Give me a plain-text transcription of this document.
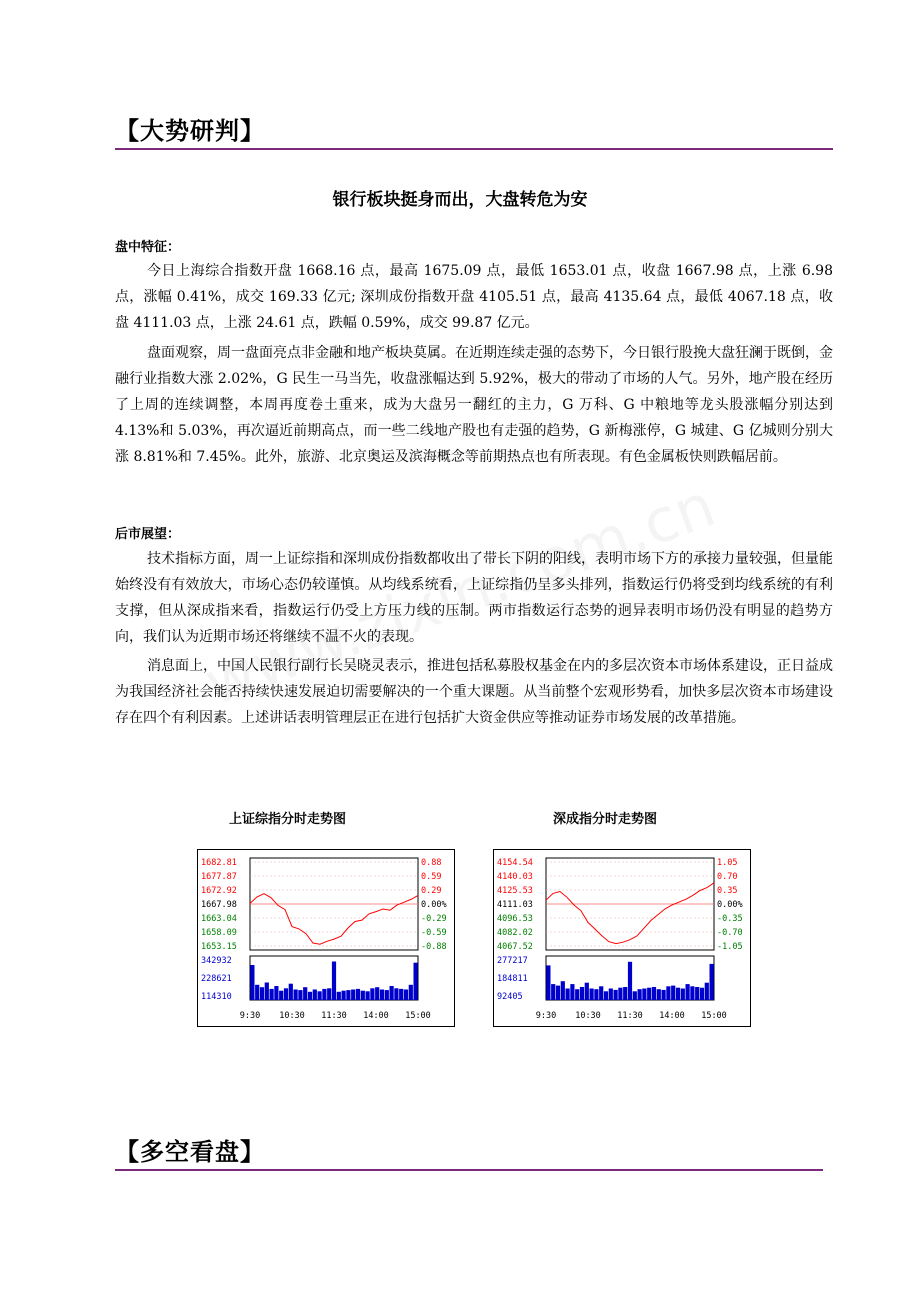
【大势研判】
银行板块挺身而出，大盘转危为安
盘中特征：

今日上海综合指数开盘 1668.16 点，最高 1675.09 点，最低 1653.01 点，收盘 1667.98 点，上涨 6.98 点，涨幅 0.41%，成交 169.33 亿元; 深圳成份指数开盘 4105.51 点，最高 4135.64 点，最低 4067.18 点，收盘 4111.03 点，上涨 24.61 点，跌幅 0.59%，成交 99.87 亿元。

盘面观察，周一盘面亮点非金融和地产板块莫属。在近期连续走强的态势下，今日银行股挽大盘狂澜于既倒，金融行业指数大涨 2.02%，G 民生一马当先，收盘涨幅达到 5.92%，极大的带动了市场的人气。另外，地产股在经历了上周的连续调整，本周再度卷土重来，成为大盘另一翻红的主力，G 万科、G 中粮地等龙头股涨幅分别达到 4.13%和 5.03%，再次逼近前期高点，而一些二线地产股也有走强的趋势，G 新梅涨停，G 城建、G 亿城则分别大涨 8.81%和 7.45%。此外，旅游、北京奥运及滨海概念等前期热点也有所表现。有色金属板快则跌幅居前。

后市展望：

技术指标方面，周一上证综指和深圳成份指数都收出了带长下阴的阳线，表明市场下方的承接力量较强，但量能始终没有有效放大，市场心态仍较谨慎。从均线系统看，上证综指仍呈多头排列，指数运行仍将受到均线系统的有利支撑，但从深成指来看，指数运行仍受上方压力线的压制。两市指数运行态势的迥异表明市场仍没有明显的趋势方向，我们认为近期市场还将继续不温不火的表现。

消息面上，中国人民银行副行长吴晓灵表示，推进包括私募股权基金在内的多层次资本市场体系建设，正日益成为我国经济社会能否持续快速发展迫切需要解决的一个重大课题。从当前整个宏观形势看，加快多层次资本市场建设存在四个有利因素。上述讲话表明管理层正在进行包括扩大资金供应等推动证券市场发展的改革措施。

上证综指分时走势图	深成指分时走势图
1682.81	0.88
1677.87	0.59
1672.92	0.29
1667.98	0.00%
1663.04	-0.29
1658.09	-0.59
1653.15	-0.88
342932
228621
114310
9:30 10:30 11:30 14:00 15:00
4154.54	1.05
4140.03	0.70
4125.53	0.35
4111.03	0.00%
4096.53	-0.35
4082.02	-0.70
4067.52	-1.05
277217
184811
92405
9:30 10:30 11:30 14:00 15:00
【多空看盘】
